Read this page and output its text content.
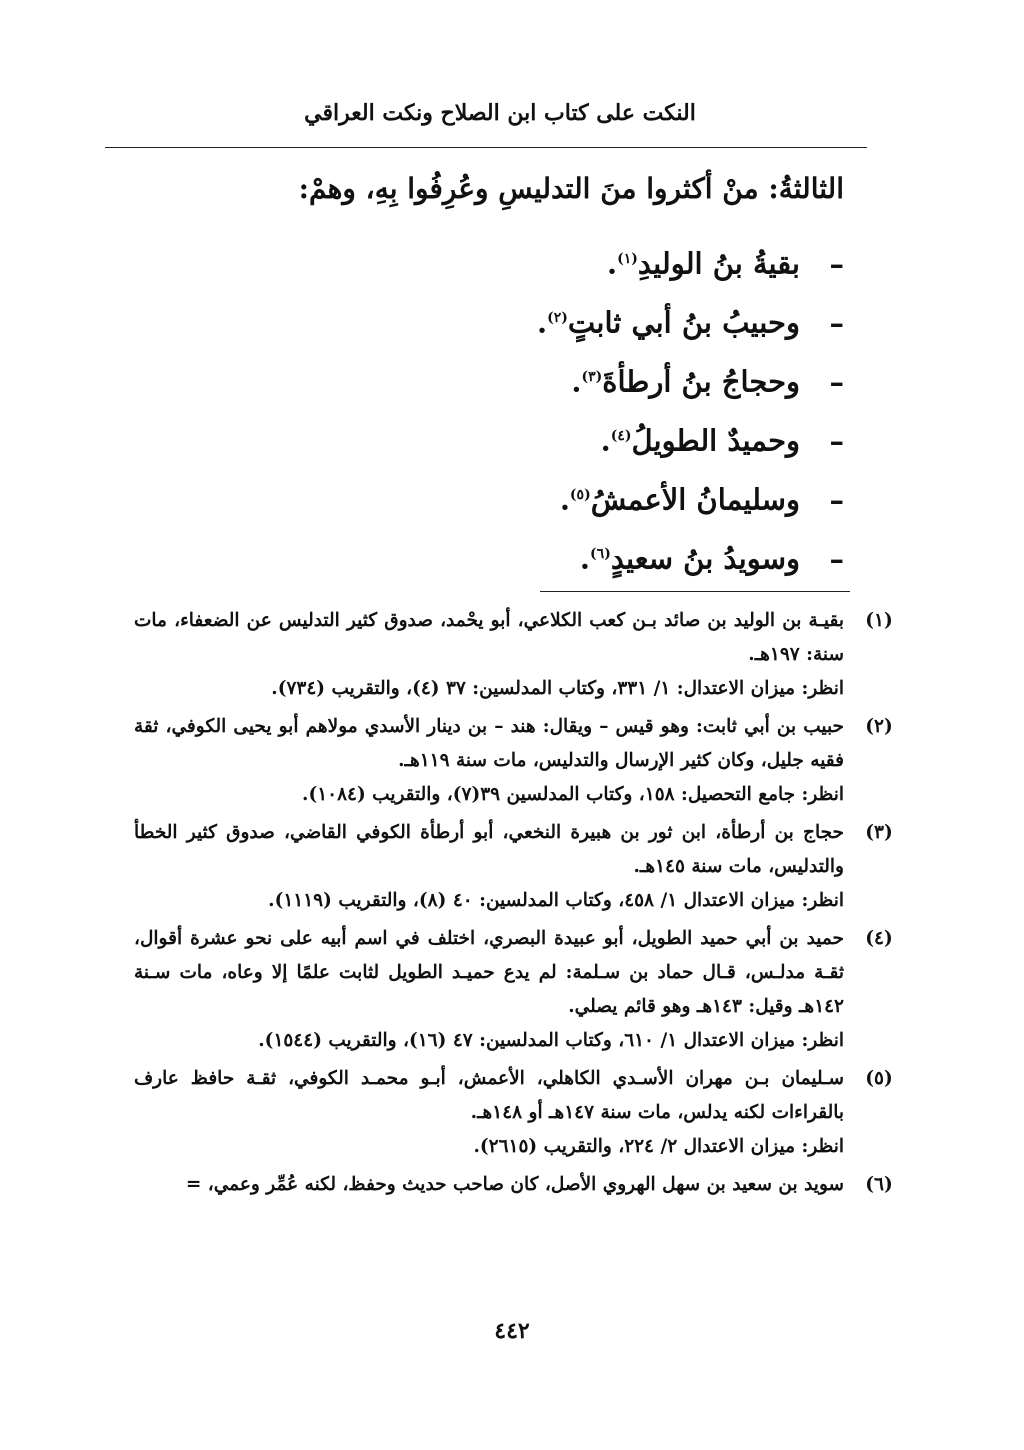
النكت على كتاب ابن الصلاح ونكت العراقي
الثالثةُ: منْ أكثروا منَ التدليسِ وعُرِفُوا بِهِ، وهمْ:
–بقيةُ بنُ الوليدِ$^{(١)}$.
–وحبيبُ بنُ أبي ثابتٍ$^{(٢)}$.
–وحجاجُ بنُ أرطأةَ$^{(٣)}$.
–وحميدٌ الطويلُ$^{(٤)}$.
–وسليمانُ الأعمشُ$^{(٥)}$.
–وسويدُ بنُ سعيدٍ$^{(٦)}$.
(١)

بقيـة بن الوليد بن صائد بـن كعب الكلاعي، أبو يحْمد، صدوق كثير التدليس عن الضعفاء، مات سنة: ١٩٧هـ.

انظر: ميزان الاعتدال: ١/ ٣٣١، وكتاب المدلسين: ٣٧ (٤)، والتقريب (٧٣٤).

(٢)

حبيب بن أبي ثابت: وهو قيس – ويقال: هند – بن دينار الأسدي مولاهم أبو يحيى الكوفي، ثقة فقيه جليل، وكان كثير الإرسال والتدليس، مات سنة ١١٩هـ.

انظر: جامع التحصيل: ١٥٨، وكتاب المدلسين ٣٩(٧)، والتقريب (١٠٨٤).

(٣)

حجاج بن أرطأة، ابن ثور بن هبيرة النخعي، أبو أرطأة الكوفي القاضي، صدوق كثير الخطأ والتدليس، مات سنة ١٤٥هـ.

انظر: ميزان الاعتدال ١/ ٤٥٨، وكتاب المدلسين: ٤٠ (٨)، والتقريب (١١١٩).

(٤)

حميد بن أبي حميد الطويل، أبو عبيدة البصري، اختلف في اسم أبيه على نحو عشرة أقوال، ثقـة مدلـس، قـال حماد بن سـلمة: لم يدع حميـد الطويل لثابت علمًا إلا وعاه، مات سـنة ١٤٢هـ وقيل: ١٤٣هـ وهو قائم يصلي.

انظر: ميزان الاعتدال ١/ ٦١٠، وكتاب المدلسين: ٤٧ (١٦)، والتقريب (١٥٤٤).

(٥)

سـليمان بـن مهران الأسـدي الكاهلي، الأعمش، أبـو محمـد الكوفي، ثقـة حافظ عارف بالقراءات لكنه يدلس، مات سنة ١٤٧هـ أو ١٤٨هـ.

انظر: ميزان الاعتدال ٢/ ٢٢٤، والتقريب (٢٦١٥).

(٦)

سويد بن سعيد بن سهل الهروي الأصل، كان صاحب حديث وحفظ، لكنه عُمِّر وعمي، =

٤٤٢
